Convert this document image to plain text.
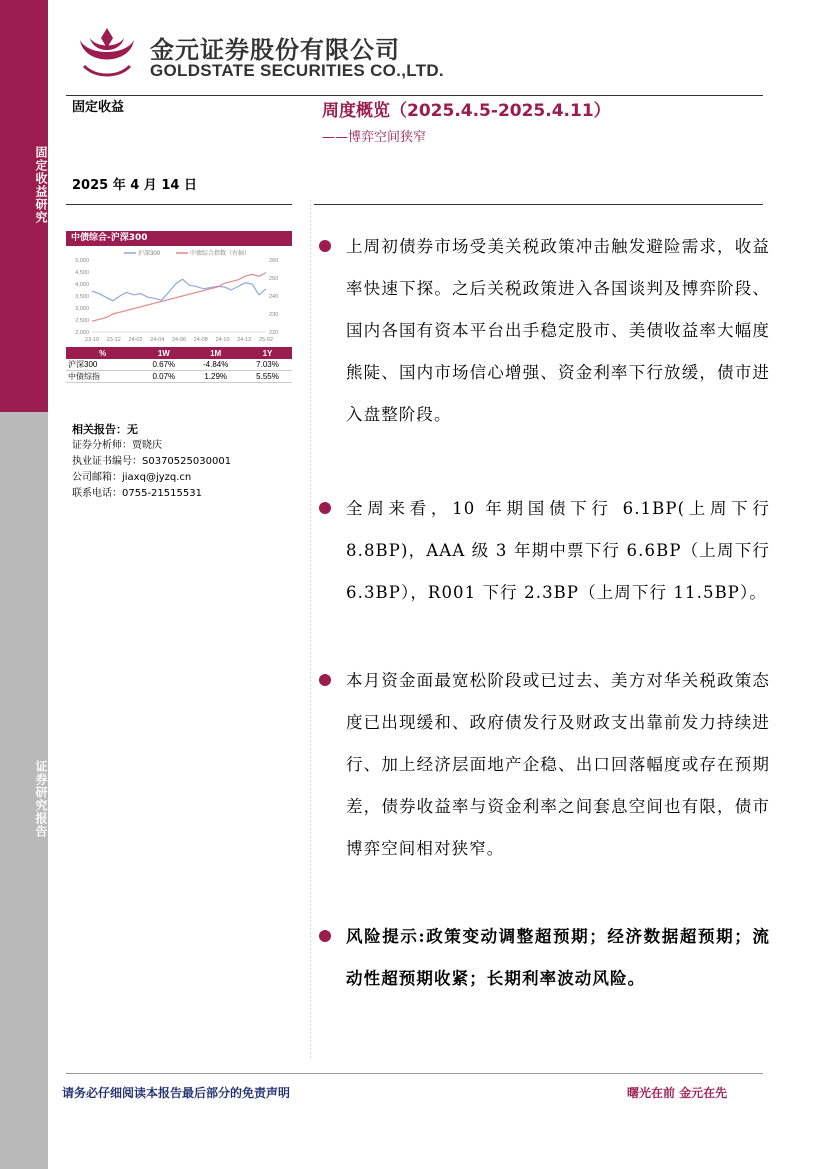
固定收益研究
证券研究报告
金元证券股份有限公司
GOLDSTATE SECURITIES CO.,LTD.
固定收益
2025 年 4 月 14 日
中债综合-沪深300
沪深300	中债综合指数（右轴）
5,000
4,500
4,000
3,500
3,000
2,500
2,000
260
250
240
230
220
23-10 23-12 24-02 24-04 24-06 24-08 24-10 24-12 25-02
%	1W	1M	1Y
沪深300	0.67%	-4.84%	7.03%
中债综指	0.07%	1.29%	5.55%
相关报告：无
证券分析师：贾晓庆
执业证书编号：S0370525030001
公司邮箱：jiaxq@jyzq.cn
联系电话：0755-21515531
周度概览（2025.4.5-2025.4.11）
——博弈空间狭窄
上周初债券市场受美关税政策冲击触发避险需求，收益率快速下探。之后关税政策进入各国谈判及博弈阶段、国内各国有资本平台出手稳定股市、美债收益率大幅度熊陡、国内市场信心增强、资金利率下行放缓，债市进入盘整阶段。
全周来看，10 年期国债下行 6.1BP(上周下行 8.8BP)，AAA 级 3 年期中票下行 6.6BP（上周下行 6.3BP），R001 下行 2.3BP（上周下行 11.5BP）。
本月资金面最宽松阶段或已过去、美方对华关税政策态度已出现缓和、政府债发行及财政支出靠前发力持续进行、加上经济层面地产企稳、出口回落幅度或存在预期差，债券收益率与资金利率之间套息空间也有限，债市博弈空间相对狭窄。
风险提示:政策变动调整超预期；经济数据超预期；流动性超预期收紧；长期利率波动风险。
请务必仔细阅读本报告最后部分的免责声明	曙光在前 金元在先
